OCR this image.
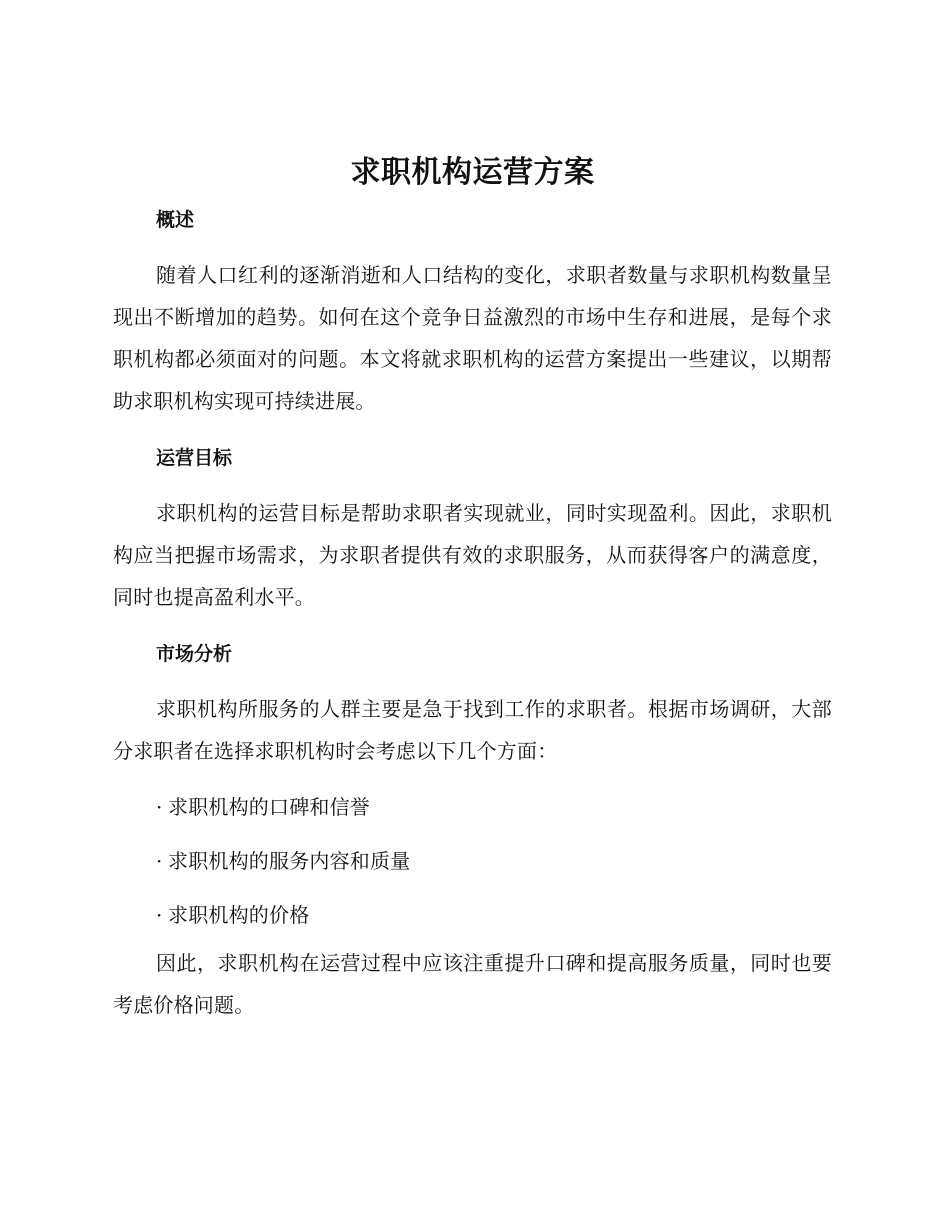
求职机构运营方案
概述

随着人口红利的逐渐消逝和人口结构的变化，求职者数量与求职机构数量呈现出不断增加的趋势。如何在这个竞争日益激烈的市场中生存和进展，是每个求职机构都必须面对的问题。本文将就求职机构的运营方案提出一些建议，以期帮助求职机构实现可持续进展。

运营目标

求职机构的运营目标是帮助求职者实现就业，同时实现盈利。因此，求职机构应当把握市场需求，为求职者提供有效的求职服务，从而获得客户的满意度，同时也提高盈利水平。

市场分析

求职机构所服务的人群主要是急于找到工作的求职者。根据市场调研，大部分求职者在选择求职机构时会考虑以下几个方面：

· 求职机构的口碑和信誉
· 求职机构的服务内容和质量
· 求职机构的价格

因此，求职机构在运营过程中应该注重提升口碑和提高服务质量，同时也要考虑价格问题。
